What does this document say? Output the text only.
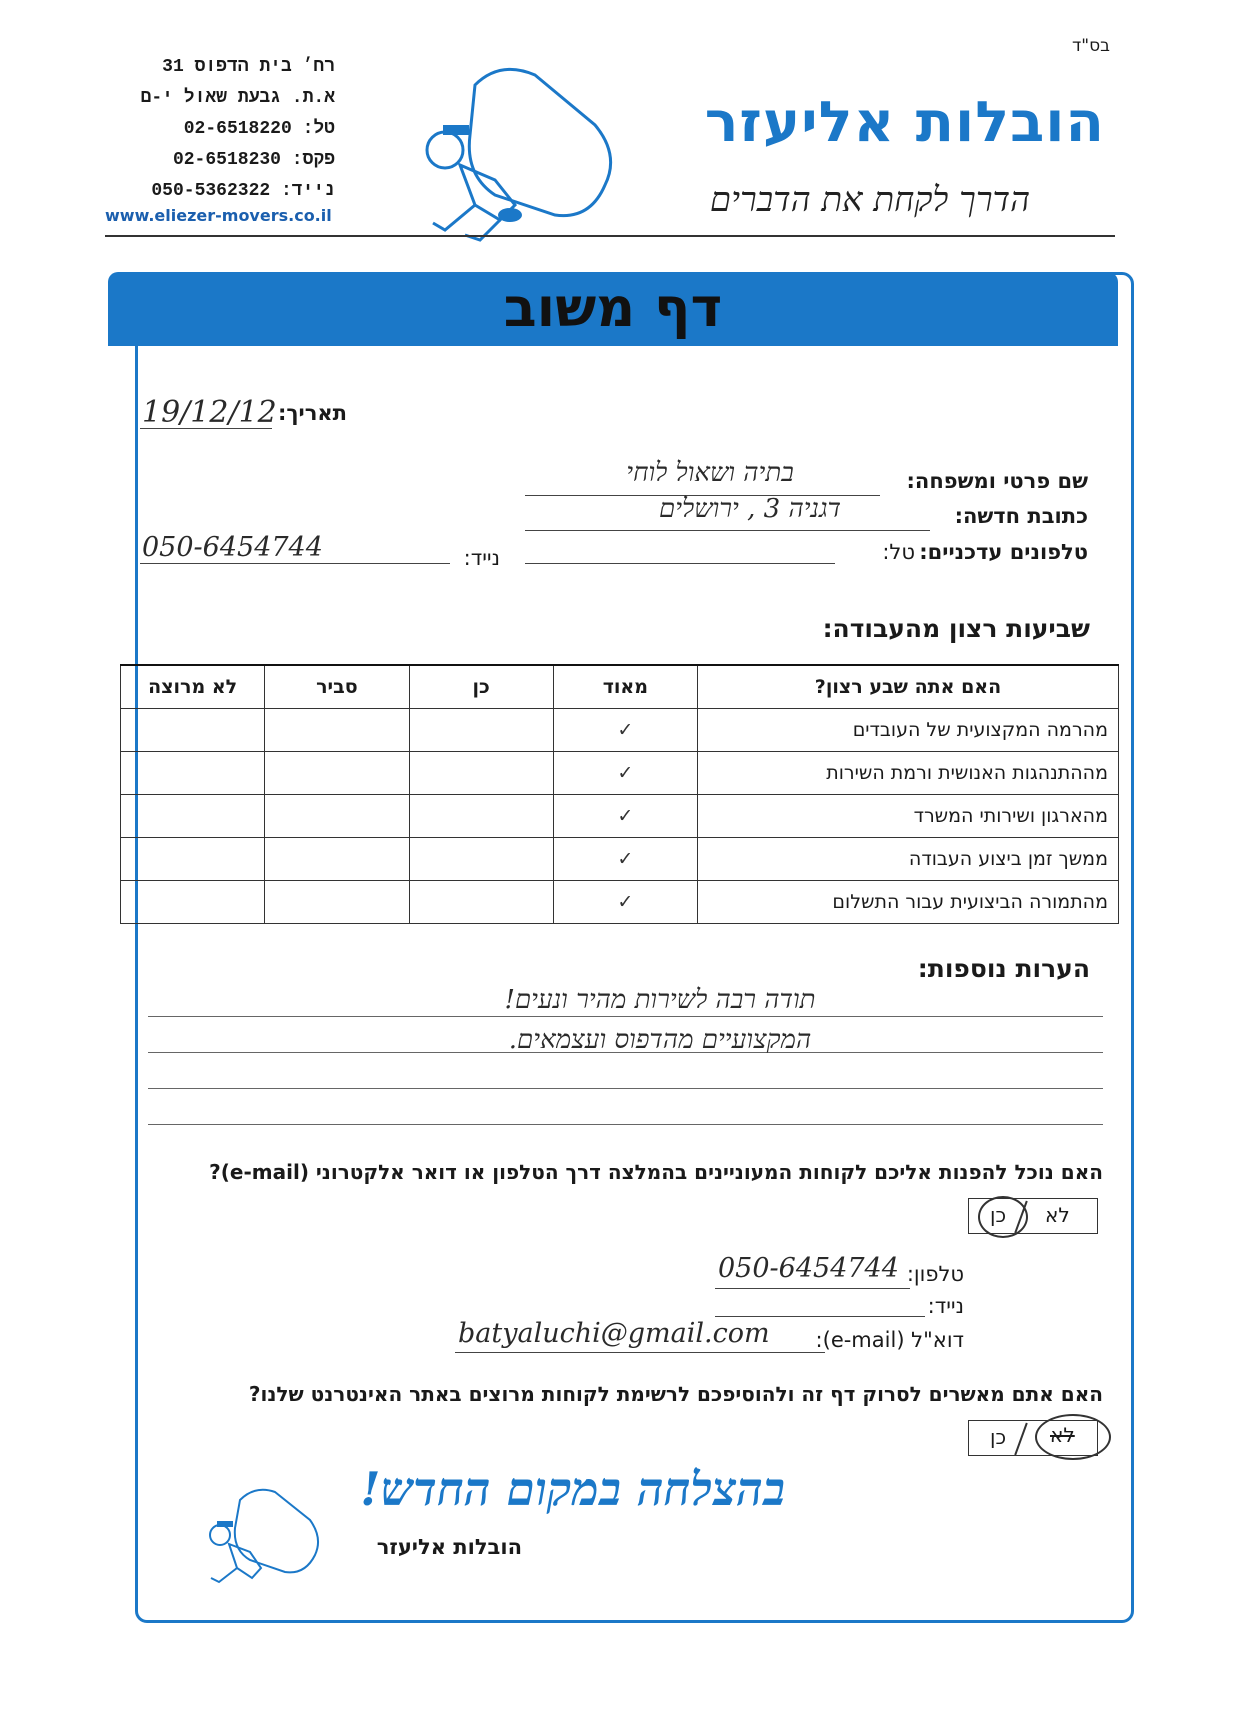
בס"ד
רח׳ בית הדפוס 31
א.ת. גבעת שאול י-ם
טל: 02-6518220
פקס: 02-6518230
נייד: 050-5362322
www.eliezer-movers.co.il
הובלות אליעזר
הדרך לקחת את הדברים
דף משוב
תאריך:
19/12/12
שם פרטי ומשפחה:
בתיה ושאול לוחי
כתובת חדשה:
דגניה 3 , ירושלים
טלפונים עדכניים:
טל:
נייד:
050-6454744
שביעות רצון מהעבודה:
לא מרוצה	סביר	כן	מאוד	האם אתה שבע רצון?
			✓	מהרמה המקצועית של העובדים
			✓	מההתנהגות האנושית ורמת השירות
			✓	מהארגון ושירותי המשרד
			✓	ממשך זמן ביצוע העבודה
			✓	מהתמורה הביצועית עבור התשלום
הערות נוספות:
תודה רבה לשירות מהיר ונעים!
המקצועיים מהדפוס ועצמאים.
האם נוכל להפנות אליכם לקוחות המעוניינים בהמלצה דרך הטלפון או דואר אלקטרוני (e-mail)?
לא
כן
טלפון:
050-6454744
נייד:
דוא"ל (e-mail):
batyaluchi@gmail.com
האם אתם מאשרים לסרוק דף זה ולהוסיפכם לרשימת לקוחות מרוצים באתר האינטרנט שלנו?
לא
כן
בהצלחה במקום החדש!
הובלות אליעזר
